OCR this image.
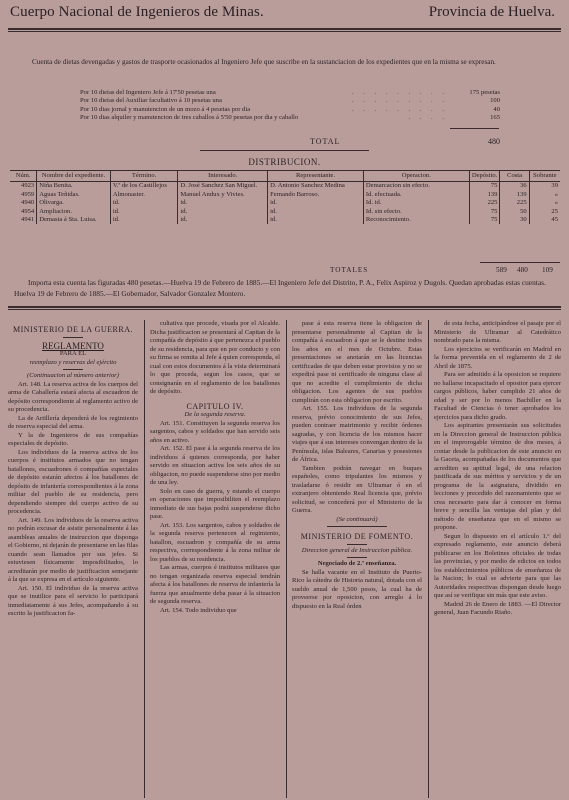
Cuerpo Nacional de Ingenieros de Minas.	Provincia de Huelva.
Cuenta de dietas devengadas y gastos de trasporte ocasionados al Ingeniero Jefe que suscribe en la sustanciacion de los expedientes que en la misma se expresan.
. . . . . . . . .
Por 10 dietas del Ingeniero Jefe á 17'50 pesetas una	175 pesetas
. . . . . . . . .
Por 10 dietas del Auxiliar facultativo á 10 pesetas una	100
. . . . . . . . .
Por 10 dias jornal y manutencion de un mozo á 4 pesetas por dia	40
. . . .
Por 10 dias alquiler y manutencion de tres caballos á 5'50 pesetas por dia y caballo	165
TOTAL	480
DISTRIBUCION.
Núm.	Nombre del expediente.	Término.	Interesado.	Representante.	Operacion.	Depósito.	Costa	Sobrante
4923	Niña Benita.	V.ª de los Castillejos	D. José Sanchez San Miguel.	D. Antonio Sanchez Medina	Demarcacion sin efecto.	75	36	39
4959	Aguas Teñidas.	Almonaster.	Manuel Andux y Vivies.	Fernando Barroso.	Id. efectuada.	139	139	»
4940	Olivarga.	id.	id.	id.	Id. id.	225	225	»
4954	Ampliacion.	id.	id.	id.	Id. sin efecto.	75	50	25
4941	Demasia á Sta. Luisa.	id.	id.	id.	Reconocimiento.	75	30	45
TOTALES	589 480 109
Importa esta cuenta las figuradas 480 pesetas.—Huelva 19 de Febrero de 1885.—El Ingeniero Jefe del Distrito, P. A., Felix Aspiroz y Dugols. Quedan aprobadas estas cuentas. Huelva 19 de Febrero de 1885.—El Gobernador, Salvador Gonzalez Montero.

MINISTERIO DE LA GUERRA.

REGLAMENTO

PARA EL

reemplazo y reservas del ejército

(Continuacion al número anterior)

Art. 148. La reserva activa de los cuerpos del arma de Caballería estará afecta al escuadron de depósito correspondiente al reglamento activo de su procedencia.

La de Artillería dependerá de los regimiento de reserva especial del arma.

Y la de Ingenieros de sus compañías especiales de depósito.

Los individuos de la reserva activa de los cuerpos é institutos armados que no tengan batallones, escuadrones ó compañías especiales de depósito estarán afectos á los batallones de depósito de infantería correspondientes á la zona militar del pueblo de su residencia, pero dependiendo siempre del cuerpo activo de su procedencia.

Art. 149. Los individuos de la reserva activa no podrán excusar de asistir personalmente á las asambleas anuales de instruccion que disponga el Gobierno, ni dejarán de presentarse en las filas cuando sean llamados por sus jefes. Si estuviesen físicamente imposibilitados, lo acreditarán por medio de justificacion semejante á la que se expresa en el artículo siguiente.

Art. 150. El individuo de la reserva activa que se inutilice para el servicio lo participará inmediatamente á sus Jefes, acompañando á su escrito la justificacion fa-

cultativa que procede, visada por el Alcalde. Dicha justificacion se presentará al Capitan de la compañía de depósito á que pertenezca el pueblo de su residencia, para que en por conducto y con su firma se remita al Jefe á quien corresponda, el cual con estos documentos á la vista determinará lo que proceda, segun los casos, que se consignarán en el reglamento de los batallones de depósito.

CAPITULO IV.

De la segunda reserva.

Art. 151. Constituyen la segunda reserva los sargentos, cabos y soldados que han servido seis años en activo.

Art. 152. El pase á la segunda reserva de los individuos á quienes corresponda, por haber servido en situacion activa los seis años de su obligacion, no puede suspenderse sino por medio de una ley.

Solo en caso de guerra, y estando el cuerpo en operaciones que imposibiliten el reemplazo inmediato de sus bajas podrá suspenderse dicho pase.

Art. 153. Los sargentos, cabos y soldados de la segunda reserva pertenecen al regimiento, batallon, escuadron y compañía de su arma respectiva, correspondiente á la zona militar de los pueblos de su residencia.

Las armas, cuerpos é institutos militares que no tengan organizada reserva especial tendrán afecta á los batallones de reserva de infantería la fuerza que anualmente deba pasar á la situacion de segunda reserva.

Art. 154. Todo individuo que

pase á esta reserva tiene la obligacion de presentarse personalmente al Capitan de la compañía á escuadron á que se le destine todos los años en el mes de Octubre. Estas presentaciones se anotarán en las licencias certificadas de que deben estar provistos y no se expedirá pase ni certificado de ninguna clase al que no acredite el cumplimiento de dicha obligacion. Los agentes de sus pueblos cumplirán con esta obligacion por escrito.

Art. 155. Los individuos de la segunda reserva, prévio conocimiento de sus Jefes, pueden contraer matrimonio y recibir órdenes sagradas, y con licencia de los mismos hacer viajes que á sus intereses convengan dentro de la Península, islas Baleares, Canarias y posesiones de África.

Tambien podrán navegar en buques españoles, como tripulantes los mismos y trasladarse ó residir en Ultramar ó en el extranjero obteniendo Real licencia que, prévio solicitud, se concederá por el Ministerio de la Guerra.

(Se continuará)

MINISTERIO DE FOMENTO.

Direccion general de Instruccion pública.

Negociado de 2.ª enseñanza.

Se halla vacante en el Instituto de Puerto-Rico la cátedra de Historia natural, dotada con el sueldo anual de 1,500 pesos, la cual ha de proveerse por oposicion, con arreglo á lo dispuesto en la Real órden

de esta fecha, anticipándose el pasaje por el Ministerio de Ultramar al Catedrático nombrado para la misma.

Los ejercicios se verificarán en Madrid en la forma prevenida en el reglamento de 2 de Abril de 1875.

Para ser admitido á la oposicion se requiere no hallarse incapacitado el opositor para ejercer cargos públicos, haber cumplido 21 años de edad y ser por lo menos Bachiller en la Facultad de Ciencias ó tener aprobados los ejercicios para dicho grado.

Los aspirantes presentarán sus solicitudes en la Direccion general de Instruccion pública en el improrogable término de dos meses, á contar desde la publicacion de este anuncio en la Gaceta, acompañadas de los documentos que acrediten su aptitud legal, de una relacion justificada de sus méritos y servicios y de un programa de la asignatura, dividido en lecciones y precedido del razonamiento que se crea necesario para dar á conocer en forma breve y sencilla las ventajas del plan y del método de enseñanza que en el mismo se propone.

Segun lo dispuesto en el artículo 1.º del expresado reglamento, este anuncio deberá publicarse en los Boletines oficiales de todas las provincias, y por medio de edictos en todos los establecimientos públicos de enseñanza de la Nacion; lo cual se advierte para que las Autoridades respectivas dispongan desde luego que así se verifique sin más que este aviso.

Madrid 26 de Enero de 1883. —El Director general, Juan Facundo Riaño.
